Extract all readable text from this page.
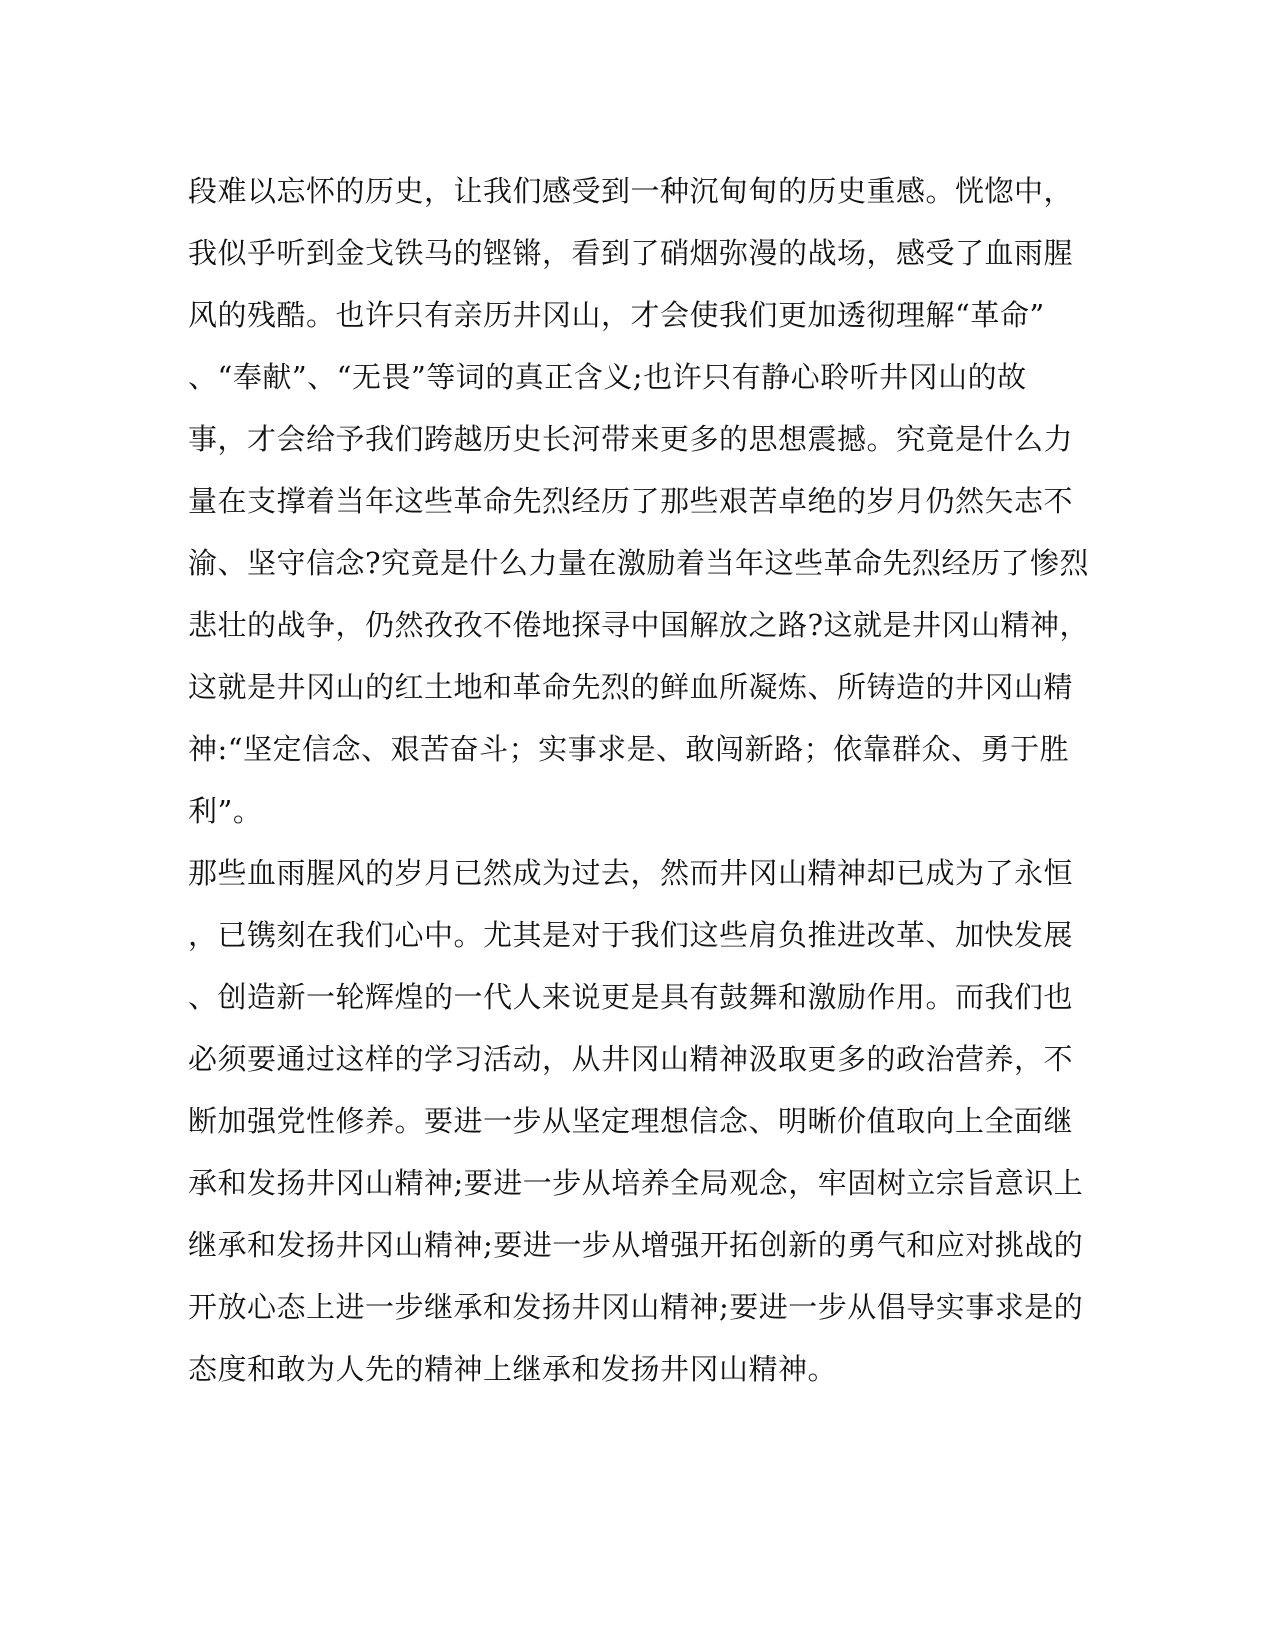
段难以忘怀的历史，让我们感受到一种沉甸甸的历史重感。恍惚中，
我似乎听到金戈铁马的铿锵，看到了硝烟弥漫的战场，感受了血雨腥
风的残酷。也许只有亲历井冈山，才会使我们更加透彻理解“革命”
、“奉献”、“无畏”等词的真正含义;也许只有静心聆听井冈山的故
事，才会给予我们跨越历史长河带来更多的思想震撼。究竟是什么力
量在支撑着当年这些革命先烈经历了那些艰苦卓绝的岁月仍然矢志不
渝、坚守信念?究竟是什么力量在激励着当年这些革命先烈经历了惨烈
悲壮的战争，仍然孜孜不倦地探寻中国解放之路?这就是井冈山精神，
这就是井冈山的红土地和革命先烈的鲜血所凝炼、所铸造的井冈山精
神:“坚定信念、艰苦奋斗；实事求是、敢闯新路；依靠群众、勇于胜
利”。
那些血雨腥风的岁月已然成为过去，然而井冈山精神却已成为了永恒
，已镌刻在我们心中。尤其是对于我们这些肩负推进改革、加快发展
、创造新一轮辉煌的一代人来说更是具有鼓舞和激励作用。而我们也
必须要通过这样的学习活动，从井冈山精神汲取更多的政治营养，不
断加强党性修养。要进一步从坚定理想信念、明晰价值取向上全面继
承和发扬井冈山精神;要进一步从培养全局观念，牢固树立宗旨意识上
继承和发扬井冈山精神;要进一步从增强开拓创新的勇气和应对挑战的
开放心态上进一步继承和发扬井冈山精神;要进一步从倡导实事求是的
态度和敢为人先的精神上继承和发扬井冈山精神。
